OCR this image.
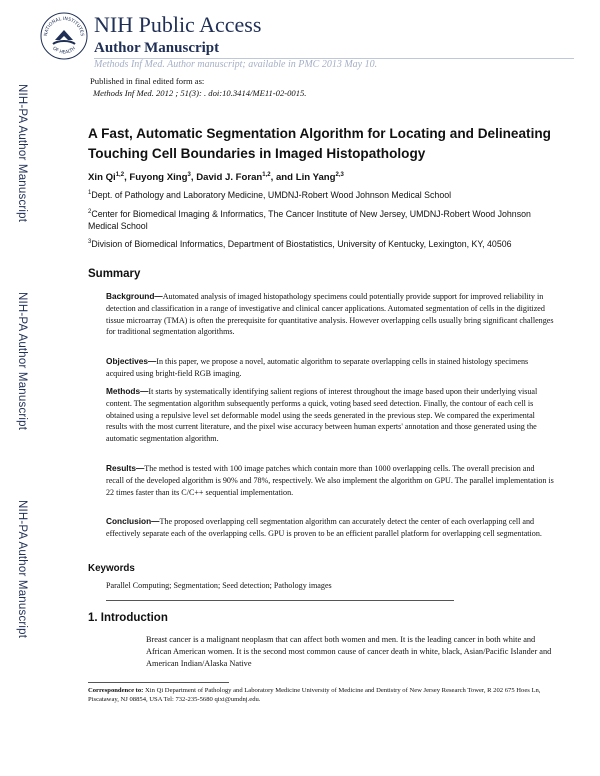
NATIONAL INSTITUTES
OF HEALTH
NIH Public Access
Author Manuscript
Methods Inf Med. Author manuscript; available in PMC 2013 May 10.
NIH-PA Author Manuscript
NIH-PA Author Manuscript
NIH-PA Author Manuscript
Published in final edited form as:
Methods Inf Med. 2012 ; 51(3): . doi:10.3414/ME11-02-0015.
A Fast, Automatic Segmentation Algorithm for Locating and Delineating Touching Cell Boundaries in Imaged Histopathology
Xin Qi$^{1,2}$, Fuyong Xing$^3$, David J. Foran$^{1,2}$, and Lin Yang$^{2,3}$
$^1$Dept. of Pathology and Laboratory Medicine, UMDNJ-Robert Wood Johnson Medical School
$^2$Center for Biomedical Imaging & Informatics, The Cancer Institute of New Jersey, UMDNJ-Robert Wood Johnson Medical School
$^3$Division of Biomedical Informatics, Department of Biostatistics, University of Kentucky, Lexington, KY, 40506
Summary
Background—Automated analysis of imaged histopathology specimens could potentially provide support for improved reliability in detection and classification in a range of investigative and clinical cancer applications. Automated segmentation of cells in the digitized tissue microarray (TMA) is often the prerequisite for quantitative analysis. However overlapping cells usually bring significant challenges for traditional segmentation algorithms.
Objectives—In this paper, we propose a novel, automatic algorithm to separate overlapping cells in stained histology specimens acquired using bright-field RGB imaging.
Methods—It starts by systematically identifying salient regions of interest throughout the image based upon their underlying visual content. The segmentation algorithm subsequently performs a quick, voting based seed detection. Finally, the contour of each cell is obtained using a repulsive level set deformable model using the seeds generated in the previous step. We compared the experimental results with the most current literature, and the pixel wise accuracy between human experts' annotation and those generated using the automatic segmentation algorithm.
Results—The method is tested with 100 image patches which contain more than 1000 overlapping cells. The overall precision and recall of the developed algorithm is 90% and 78%, respectively. We also implement the algorithm on GPU. The parallel implementation is 22 times faster than its C/C++ sequential implementation.
Conclusion—The proposed overlapping cell segmentation algorithm can accurately detect the center of each overlapping cell and effectively separate each of the overlapping cells. GPU is proven to be an efficient parallel platform for overlapping cell segmentation.
Keywords
Parallel Computing; Segmentation; Seed detection; Pathology images
1. Introduction
Breast cancer is a malignant neoplasm that can affect both women and men. It is the leading cancer in both white and African American women. It is the second most common cause of cancer death in white, black, Asian/Pacific Islander and American Indian/Alaska Native
Correspondence to: Xin Qi Department of Pathology and Laboratory Medicine University of Medicine and Dentistry of New Jersey Research Tower, R 202 675 Hoes Ln, Piscataway, NJ 08854, USA Tel: 732-235-5680 qixi@umdnj.edu.
